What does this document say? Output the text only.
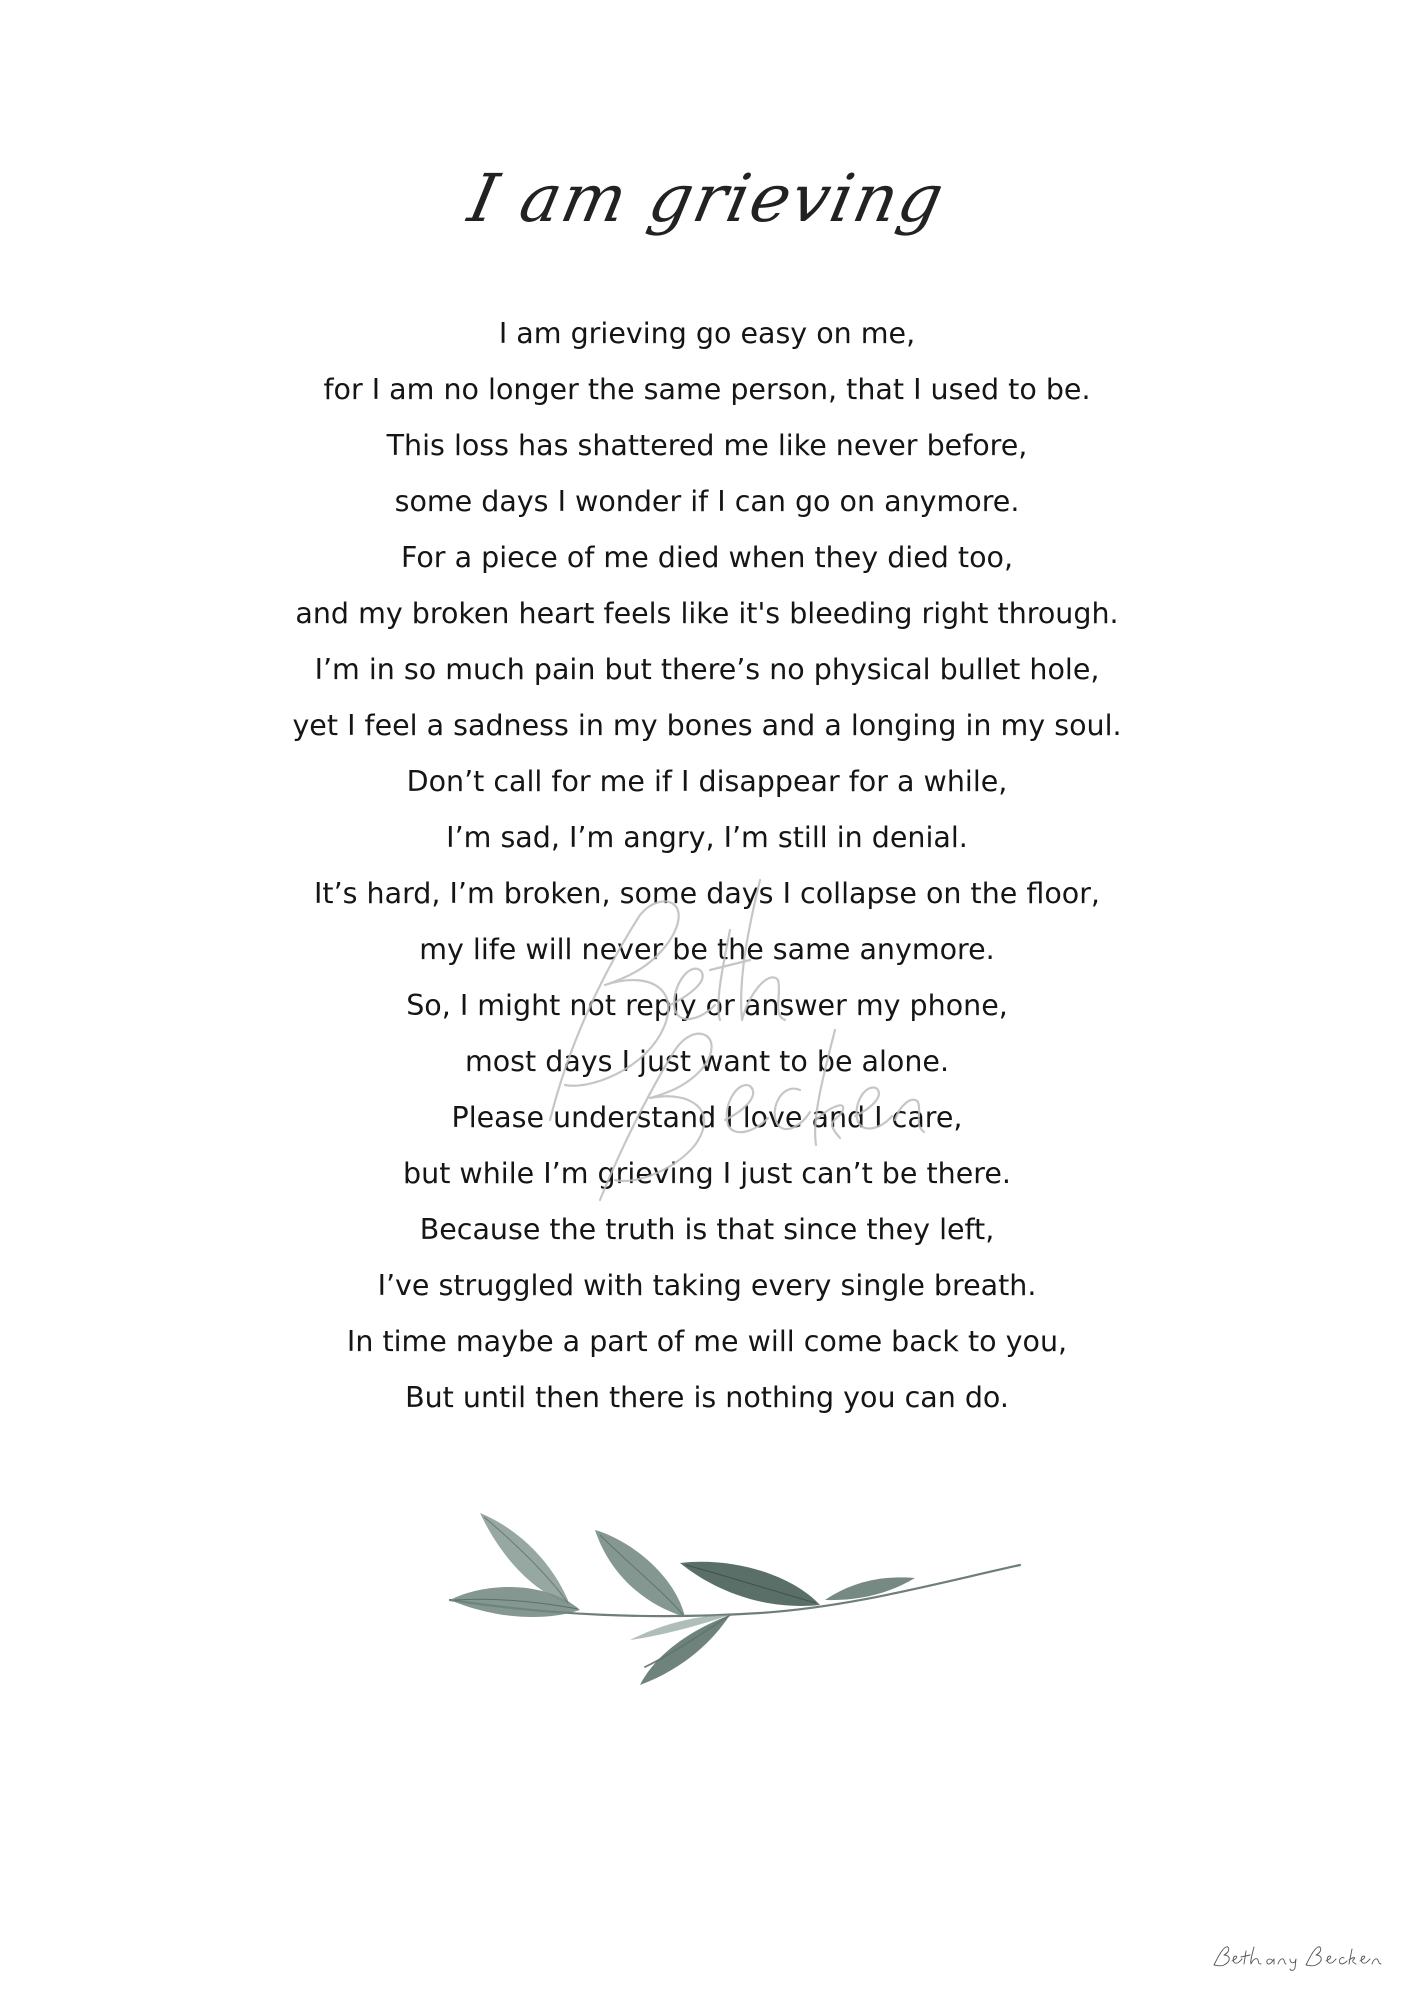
I am grieving
I am grieving go easy on me,
for I am no longer the same person, that I used to be.
This loss has shattered me like never before,
some days I wonder if I can go on anymore.
For a piece of me died when they died too,
and my broken heart feels like it's bleeding right through.
I’m in so much pain but there’s no physical bullet hole,
yet I feel a sadness in my bones and a longing in my soul.
Don’t call for me if I disappear for a while,
I’m sad, I’m angry, I’m still in denial.
It’s hard, I’m broken, some days I collapse on the floor,
my life will never be the same anymore.
So, I might not reply or answer my phone,
most days I just want to be alone.
Please understand I love and I care,
but while I’m grieving I just can’t be there.
Because the truth is that since they left,
I’ve struggled with taking every single breath.
In time maybe a part of me will come back to you,
But until then there is nothing you can do.
